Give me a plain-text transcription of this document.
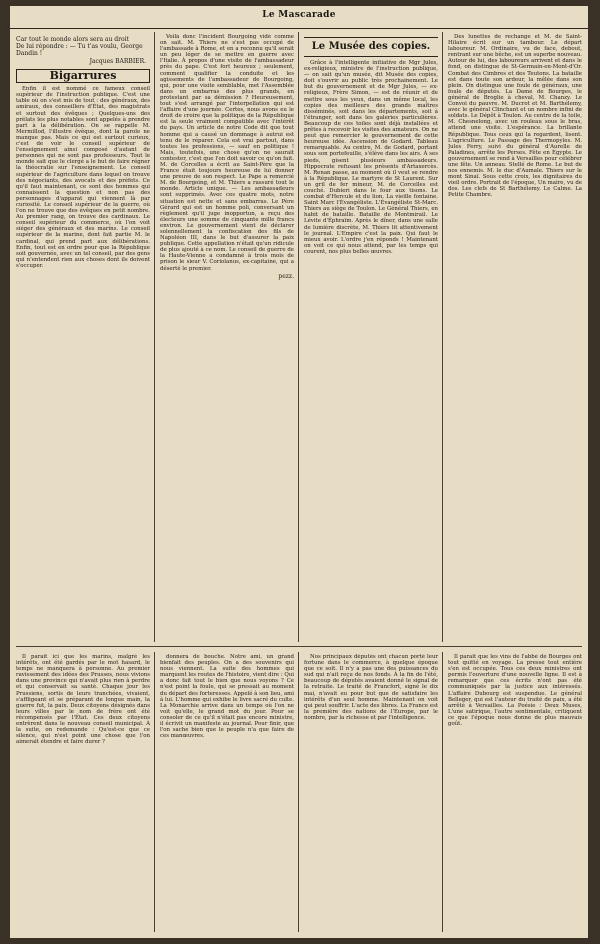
Le Mascarade
Car tout le monde alors sera au droit
De lui répondre : — Tu t'as voulu, George
Dandin !
Jacques BARBIER.
Bigarrures

Enfin il est nommé ce fameux conseil supérieur de l'instruction publique. C'est une table où on s'est mis de tout : des généraux, des amiraux, des conseillers d'État, des magistrats et surtout des évêques ; Quelques-uns des prélats les plus notables sont appelés à prendre part à la délibération. On se rappelle M. Mermillod, l'illustre évêque, dont la parole ne manque pas. Mais ce qui est surtout curieux, c'est de voir le conseil supérieur de l'enseignement ainsi composé d'autant de personnes qui ne sont pas professeurs. Tout le monde sait que le clergé a le but de faire régner la théocratie sur l'enseignement. Le conseil supérieur de l'agriculture dans lequel on trouve des négociants, des avocats et des préfets. Ce qu'il faut maintenant, ce sont des hommes qui connaissent la question et non pas des personnages d'apparat qui viennent là par curiosité. Le conseil supérieur de la guerre, où l'on ne trouve que des évêques en petit nombre. Au premier rang, on trouve des cardinaux. Le conseil supérieur du commerce, où l'on voit siéger des généraux et des marins. Le conseil supérieur de la marine, dont fait partie M. le cardinal, qui prend part aux délibérations. Enfin, tout est en ordre pour que la République soit gouvernée, avec un tel conseil, par des gens qui n'entendent rien aux choses dont ils doivent s'occuper.

Voilà donc l'incident Bourgoing vidé comme on sait. M. Thiers ne s'est pas occupé de l'ambassade à Rome, et en a reconnu qu'il serait un peu léger de se mettre en guerre avec l'Italie. À propos d'une visite de l'ambassadeur près du pape. C'est fort heureux ; seulement, comment qualifier la conduite et les agissements de l'ambassadeur de Bourgoing, qui, pour une visite semblable, met l'Assemblée dans un embarras des plus grands, en protestant par sa démission ? Heureusement, tout s'est arrangé par l'interpellation qui est l'affaire d'une journée. Certes, nous avons eu le droit de croire que la politique de la République est la seule vraiment compatible avec l'intérêt du pays. Un article de notre Code dit que tout homme qui a causé un dommage à autrui est tenu de le réparer. Cela est vrai partout, dans toutes les professions, — sauf en politique ! Mais, toutefois, une chose qu'on ne saurait contester, c'est que l'on doit savoir ce qu'on fait. M. de Corcelles a écrit au Saint-Père que la France était toujours heureuse de lui donner une preuve de son respect. Le Pape a remercié M. de Bourgoing, et M. Thiers a rassuré tout le monde. Article unique. — Les ambassadeurs sont supprimés. Avec ces quatre mots, notre situation est nette et sans embarras. Le Père Gérard qui est un homme poli, conversant un règlement qu'il juge inopportun, a reçu des électeurs une somme de cinquante mille francs environ. Le gouvernement vient de déclarer solennellement la confiscation des fils de Napoléon III, dans le but d'assurer la paix publique. Cette appellation n'était qu'un ridicule de plus ajouté à ce nom. Le conseil de guerre de la Haute-Vienne a condamné à trois mois de prison le sieur V. Coriolanus, ex-capitaine, qui a déserté le premier.

pezz.
Le Musée des copies.

Grâce à l'intelligente initiative de Mgr Jules, ex-religieux, ministre de l'instruction publique, — on sait qu'un musée, dit Musée des copies, doit s'ouvrir au public très prochainement. Le but du gouvernement et de Mgr Jules, — ex-religieux, Frère Simon, — est de réunir et de mettre sous les yeux, dans un même local, les copies des meilleurs des grands maîtres disséminés, soit dans les départements, soit à l'étranger, soit dans les galeries particulières. Beaucoup de ces toiles sont déjà installées et prêtes à recevoir les visites des amateurs. On ne peut que remercier le gouvernement de cette heureuse idée. Ascension de Godard. Tableau remarquable. Au centre, M. de Godard, portant sous son portefeuille, s'élève dans les airs. À ses pieds, gisent plusieurs ambassadeurs. Hippocrate refusant les présents d'Artaxercès. M. Renan passe, au moment où il veut se rendre à la République. Le martyre de St Laurent. Sur un gril de fer mineur, M. de Corcelles est couché. Dubieri dans le four aux tisons. Le combat d'Hercule et du lion. La vieille fontaine. Saint Marc l'Évangéliste. L'Évangéliste St-Marc. Thiers au siège de Toulon. Le Général Thiers, en habit de bataille. Bataille de Montmirail. Le Lévite d'Éphraïm. Après le dîner, dans une salle de lumière discrète, M. Thiers lit attentivement le journal. L'Empire c'est la paix. Qui faut le mieux avoir. L'ordre j'en réponds ! Maintenant on voit ce qui nous attend, par les temps qui courent, nos plus belles œuvres.

Des lunettes de rechange et M. de Saint-Hilaire écrit sur un tambour. Le départ laboureur. M. Ordinaire, vu de face, debout, rentrant sur une bêche, est un superbe nouveau. Autour de lui, des laboureurs arrivent et dans le fond, on distingue de St-Germain-en-Mont-d'Or. Combat des Cimbres et des Teutons. La bataille est dans toute son ardeur, la mêlée dans son plein. On distingue une foule de généraux, une foule de députés. La Dame de Bourges, le général de Broglie à cheval, M. Chanzy. Le Convoi du pauvre. M. Ducrot et M. Barthélemy, avec le général Clinchant et un nombre infini de soldats. Le Dépôt à Toulon. Au centre de la toile, M. Chesnelong, avec un rouleau sous le bras, attend une visite. L'espérance. La brillante République. Tous ceux qui la regardent, lisent. L'agriculture. Le Passage des Thermopyles. M. Jules Ferry, suivi du général d'Aurelle de Paladines, arrête les Perses. Fête en Égypte. Le gouvernement se rend à Versailles pour célébrer une fête. Un anneau. Stellé de Rome. Le but de nos ennemis. M. le duc d'Aumale. Thiers sur le mont Sinaï. Sous cette croix, les dignitaires du vieil ordre. Portrait de l'époque, Un maire, vu de dos. Les clefs de St Barthélemy. Le Calme. La Petite Chambre.

Il parait ici que les marins, malgré les intérêts, ont été gardés par le mot hasard, le temps ne manquera à personne. Au premier ravissement des idées des Prusses, nous vivions dans une province qui n'avait plus rien à perdre et qui conservait sa santé. Chaque jour les Prussiens, sortis de leurs tranchées, vivaient, s'affligeant et se préparant de longue main, la guerre fut, la paix. Deux citoyens désignés dans leurs villes par le nom de frère ont été récompensés par l'État. Ces deux citoyens entrèrent dans le nouveau conseil municipal. À la suite, on redemande : Qu'est-ce que ce silence, qui n'est point une chose que l'on aimerait étendre et faire durer ?

donnera de bouche. Notre ami, un grand bienfait des peuples. On a des souvenirs qui nous viennent. La suite des hommes qui marquent les routes de l'histoire, vient dire : Qui a donc fait tout le bien que nous voyons ? Ce n'est point la foule, qui se pressait au moment du départ des forteresses. Appelé à son lieu, ami à lui. L'homme qui exhibe le livre sacré du culte. La Monarchie arrive dans un temps où l'on ne voit qu'elle, le grand mot du jour. Pour se consoler de ce qu'il n'était pas encore ministre, il écrivit un manifeste au journal. Pour finir, que l'on sache bien que le peuple n'a que faire de ces manœuvres.

Nos principaux députés ont chacun porté leur fortune dans le commerce, à quelque époque que ce soit. Il n'y a pas une des puissances du sud qui n'ait reçu de nos fonds. À la fin de l'été, beaucoup de députés avaient donné le signal de la retraite. Le traité de Francfort, signé le dix mai, n'avait eu pour but que de satisfaire les intérêts d'un seul homme. Maintenant on voit qui peut souffrir. L'acte des libres. La France est la première des nations de l'Europe, par le nombre, par la richesse et par l'intelligence.

Il paraît que les vins de l'abbé de Bourges ont tout quitté en voyage. La presse tout entière s'en est occupée. Tous ces deux ministres ont permis l'ouverture d'une nouvelle ligne. Il est à remarquer que ces écrits n'ont pas été communiqués par la justice aux intéressés. L'affaire Dubourg est suspendue. Le général Belleger, qui est l'auteur du traité de paix, a été arrêté à Versailles. La Poésie : Deux Muses, L'une satirique, l'autre sentimentale, critiquent ce que l'époque nous donne de plus mauvais goût.
